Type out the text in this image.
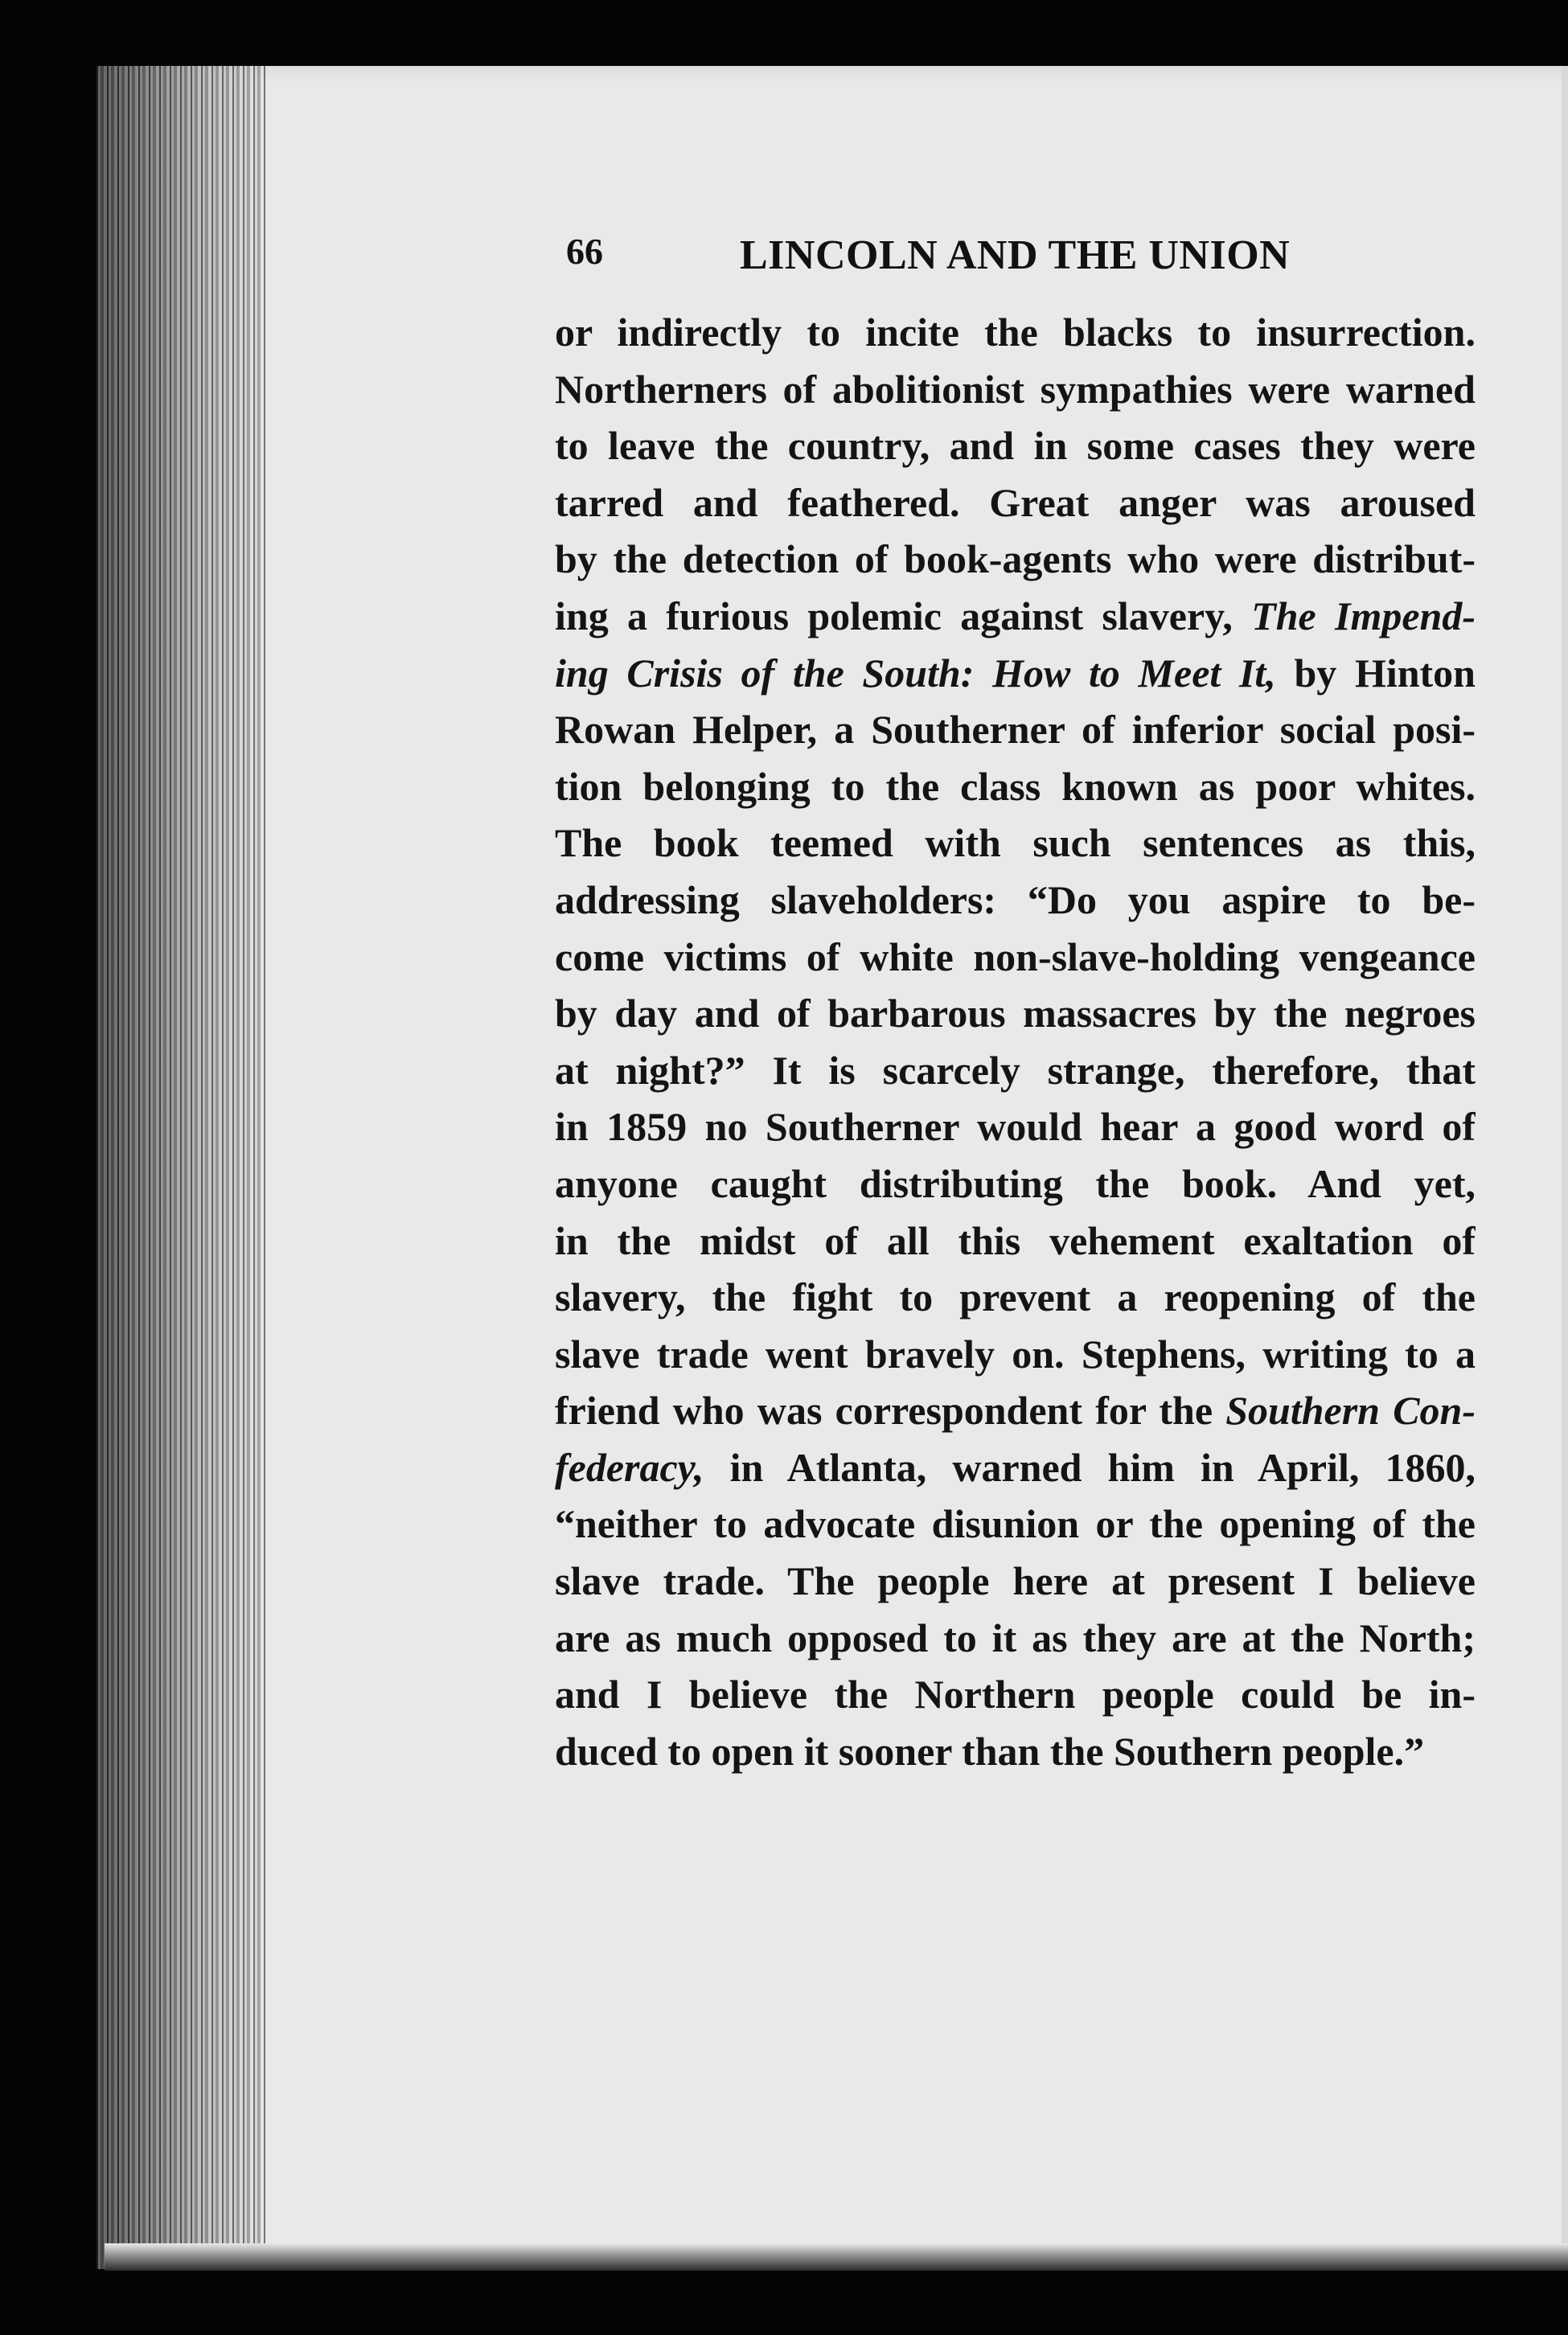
66	LINCOLN AND THE UNION
or indirectly to incite the blacks to insurrection.
Northerners of abolitionist sympathies were warned
to leave the country, and in some cases they were
tarred and feathered. Great anger was aroused
by the detection of book-agents who were distribut-
ing a furious polemic against slavery, The Impend-
ing Crisis of the South: How to Meet It, by Hinton
Rowan Helper, a Southerner of inferior social posi-
tion belonging to the class known as poor whites.
The book teemed with such sentences as this,
addressing slaveholders: “Do you aspire to be-
come victims of white non-slave-holding vengeance
by day and of barbarous massacres by the negroes
at night?” It is scarcely strange, therefore, that
in 1859 no Southerner would hear a good word of
anyone caught distributing the book. And yet,
in the midst of all this vehement exaltation of
slavery, the fight to prevent a reopening of the
slave trade went bravely on. Stephens, writing to a
friend who was correspondent for the Southern Con-
federacy, in Atlanta, warned him in April, 1860,
“neither to advocate disunion or the opening of the
slave trade. The people here at present I believe
are as much opposed to it as they are at the North;
and I believe the Northern people could be in-
duced to open it sooner than the Southern people.”
